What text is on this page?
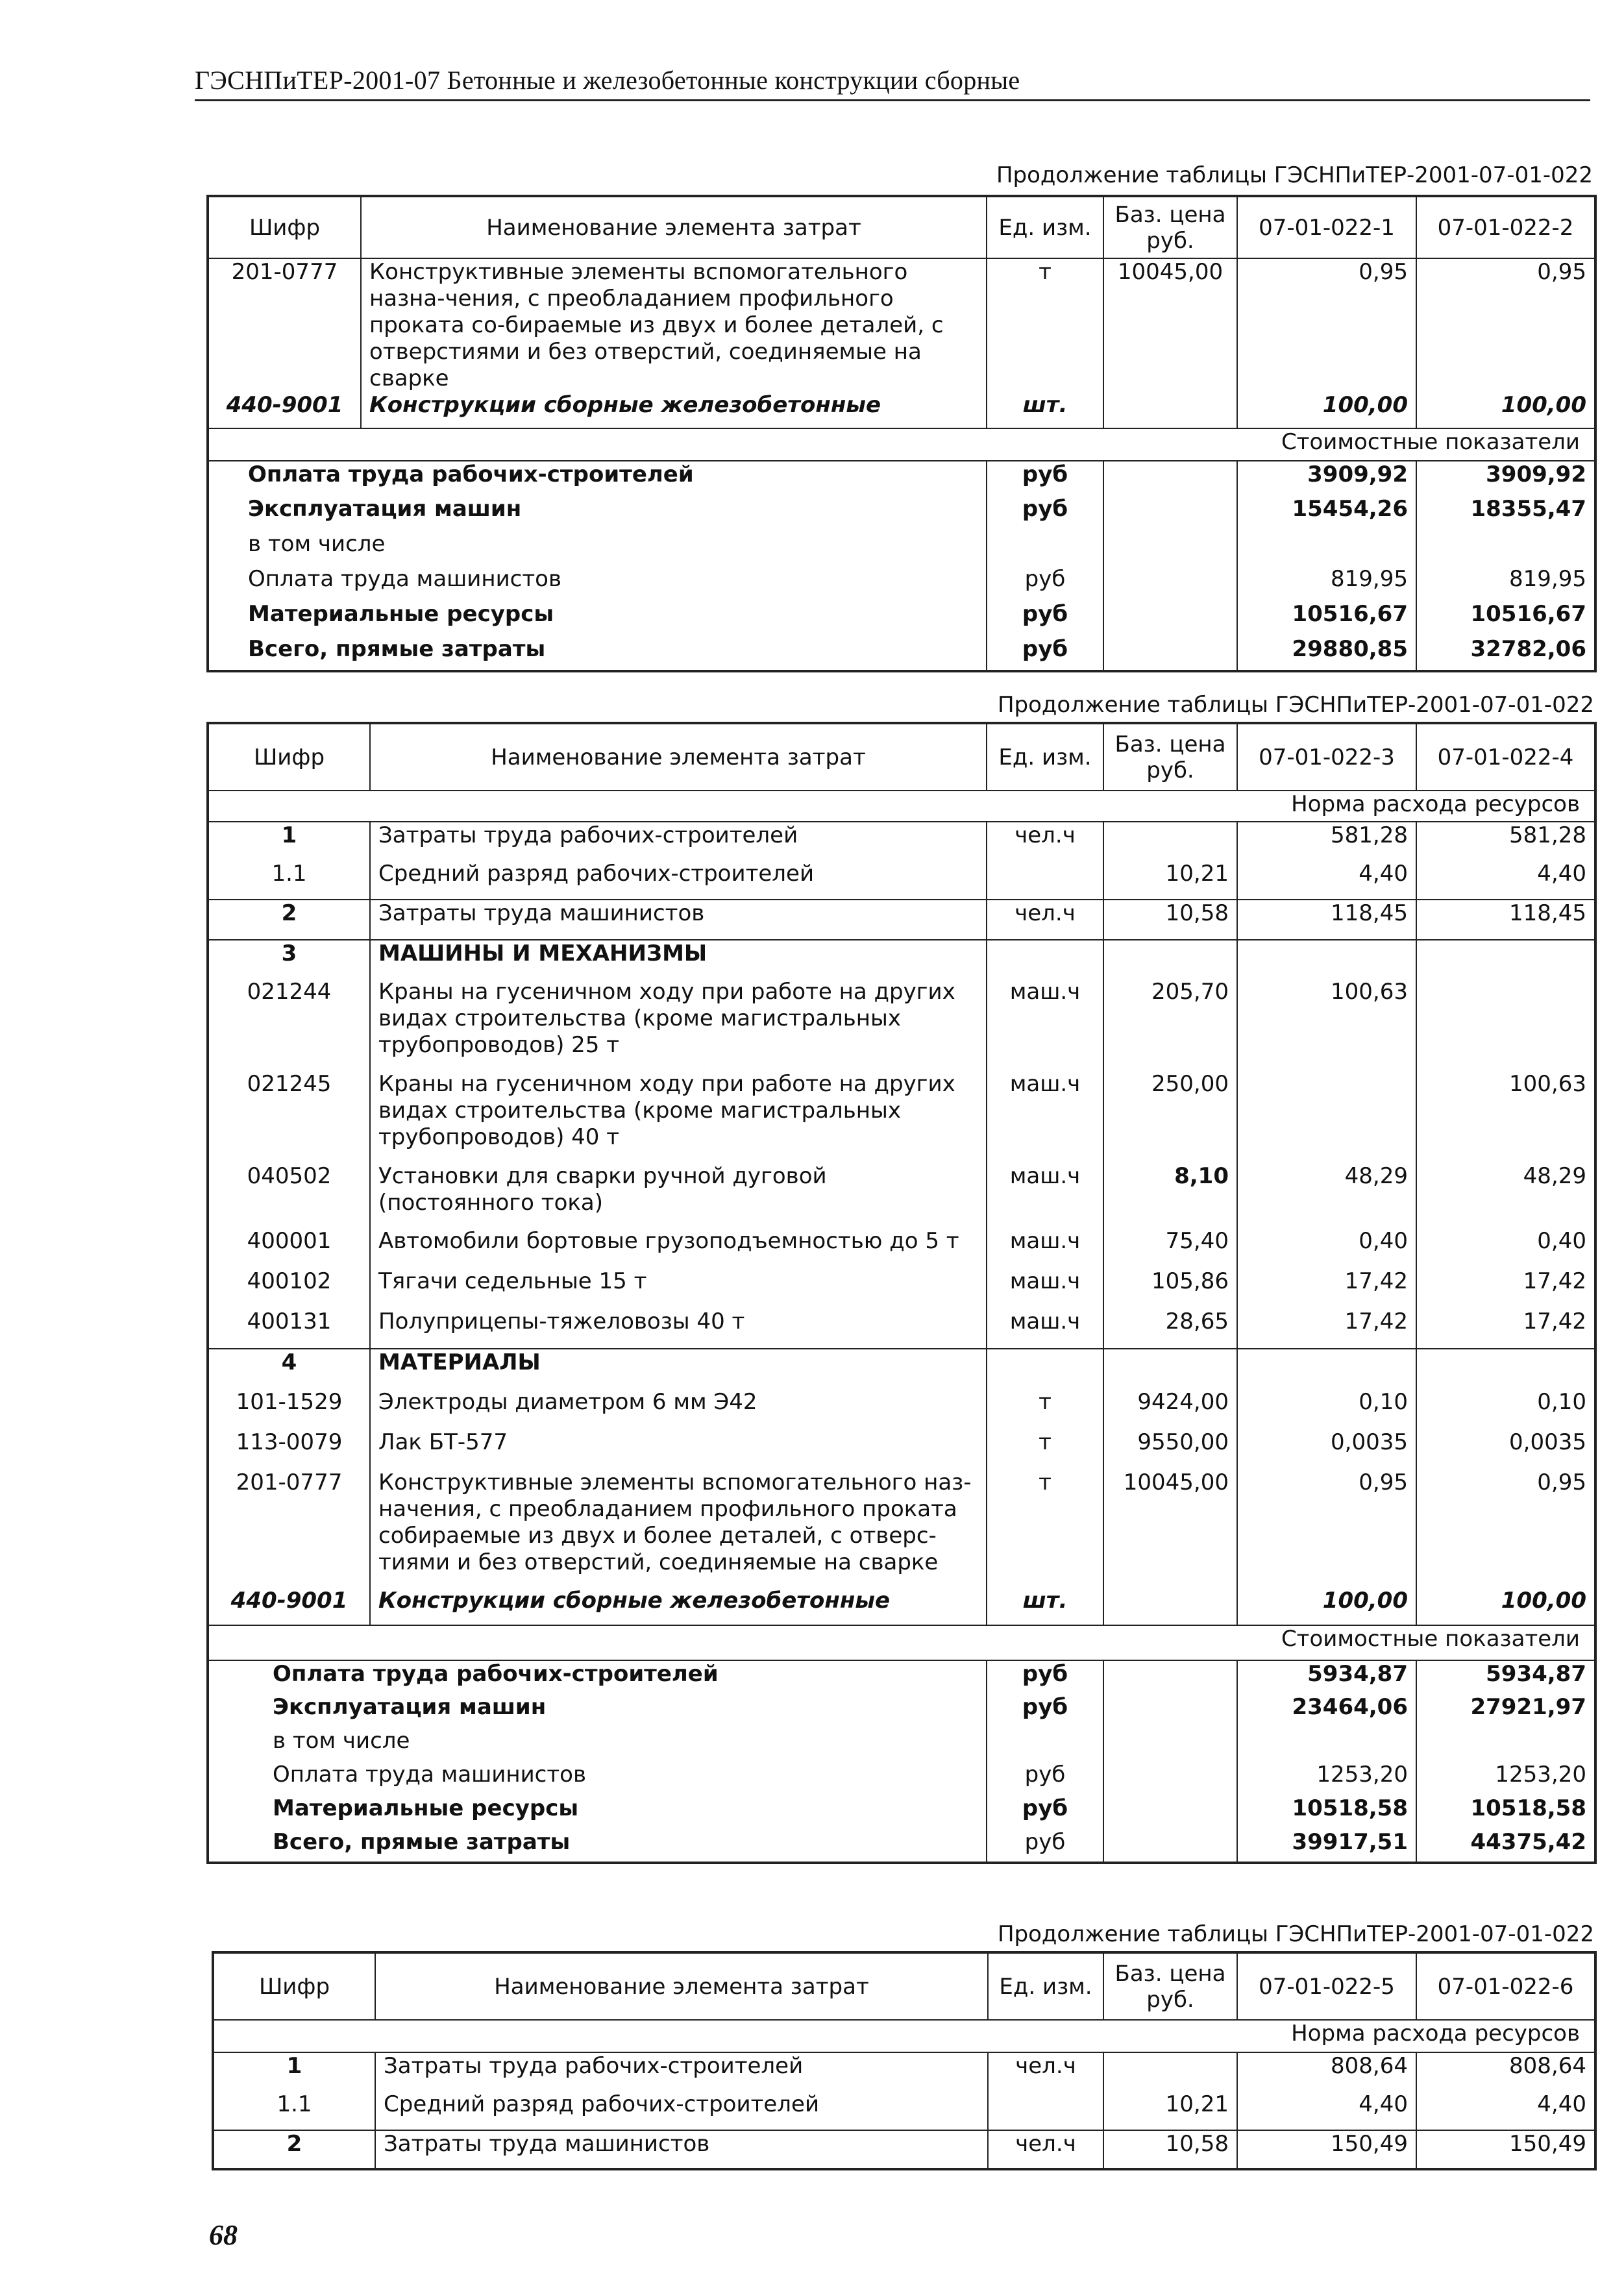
ГЭСНПиТЕР-2001-07 Бетонные и железобетонные конструкции сборные
Продолжение таблицы ГЭСНПиТЕР-2001-07-01-022
Шифр	Наименование элемента затрат	Ед. изм.	Баз. цена руб.	07-01-022-1	07-01-022-2
201-0777	Конструктивные элементы вспомогательного назна-чения, с преобладанием профильного проката со-бираемые из двух и более деталей, с отверстиями и без отверстий, соединяемые на сварке	т	10045,00	0,95	0,95
440-9001	Конструкции сборные железобетонные	шт.		100,00	100,00
Стоимостные показатели					
Оплата труда рабочих-строителей		руб		3909,92	3909,92
Эксплуатация машин		руб		15454,26	18355,47
в том числе					
Оплата труда машинистов		руб		819,95	819,95
Материальные ресурсы		руб		10516,67	10516,67
Всего, прямые затраты		руб		29880,85	32782,06
Продолжение таблицы ГЭСНПиТЕР-2001-07-01-022
Шифр	Наименование элемента затрат	Ед. изм.	Баз. цена руб.	07-01-022-3	07-01-022-4
Норма расхода ресурсов					
1	Затраты труда рабочих-строителей	чел.ч		581,28	581,28
1.1	Средний разряд рабочих-строителей		10,21	4,40	4,40
2	Затраты труда машинистов	чел.ч	10,58	118,45	118,45
3	МАШИНЫ И МЕХАНИЗМЫ				
021244	Краны на гусеничном ходу при работе на других видах строительства (кроме магистральных трубопроводов) 25 т	маш.ч	205,70	100,63	
021245	Краны на гусеничном ходу при работе на других видах строительства (кроме магистральных трубопроводов) 40 т	маш.ч	250,00		100,63
040502	Установки для сварки ручной дуговой (постоянного тока)	маш.ч	8,10	48,29	48,29
400001	Автомобили бортовые грузоподъемностью до 5 т	маш.ч	75,40	0,40	0,40
400102	Тягачи седельные 15 т	маш.ч	105,86	17,42	17,42
400131	Полуприцепы-тяжеловозы 40 т	маш.ч	28,65	17,42	17,42
4	МАТЕРИАЛЫ				
101-1529	Электроды диаметром 6 мм Э42	т	9424,00	0,10	0,10
113-0079	Лак БТ-577	т	9550,00	0,0035	0,0035
201-0777	Конструктивные элементы вспомогательного наз-начения, с преобладанием профильного проката собираемые из двух и более деталей, с отверс-тиями и без отверстий, соединяемые на сварке	т	10045,00	0,95	0,95
440-9001	Конструкции сборные железобетонные	шт.		100,00	100,00
Стоимостные показатели					
Оплата труда рабочих-строителей		руб		5934,87	5934,87
Эксплуатация машин		руб		23464,06	27921,97
в том числе					
Оплата труда машинистов		руб		1253,20	1253,20
Материальные ресурсы		руб		10518,58	10518,58
Всего, прямые затраты		руб		39917,51	44375,42
Продолжение таблицы ГЭСНПиТЕР-2001-07-01-022
Шифр	Наименование элемента затрат	Ед. изм.	Баз. цена руб.	07-01-022-5	07-01-022-6
Норма расхода ресурсов					
1	Затраты труда рабочих-строителей	чел.ч		808,64	808,64
1.1	Средний разряд рабочих-строителей		10,21	4,40	4,40
2	Затраты труда машинистов	чел.ч	10,58	150,49	150,49
68
